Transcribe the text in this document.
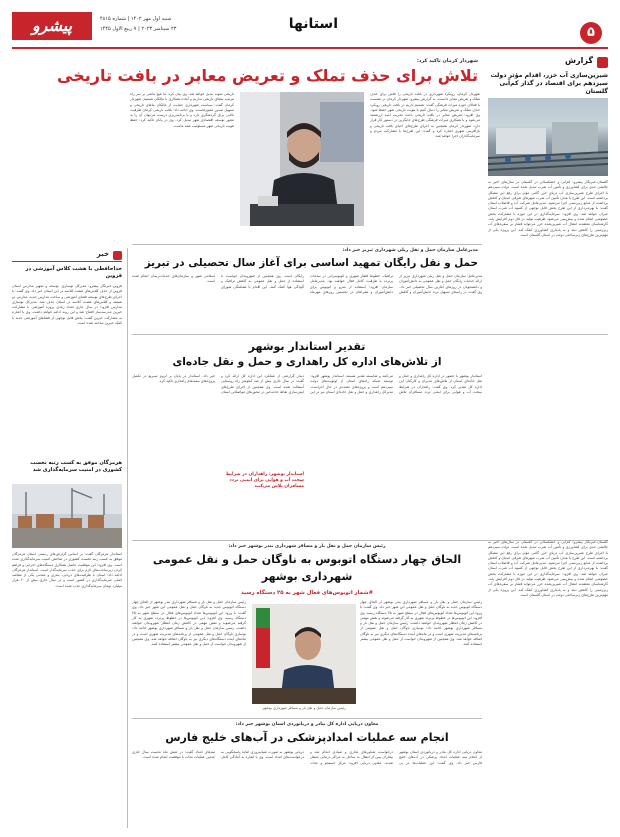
۵
استانها
پیشرو	شنبه اول مهر ۱۴۰۲ | شماره ۴۸۱۵
۲۳ سپتامبر ۲۰۲۳ | ۷ ربیع الاول ۱۴۴۵
گزارش
شیرین‌سازی آب خزر، اقدام مؤثر دولت سیزدهم برای اقتصاد در گذار کم‌آبی گلستان
گلستان-خبرنگار پیشرو: کم‌آبی و خشکسالی در گلستان در سال‌های اخیر به چالشی جدی برای کشاورزی و تأمین آب شرب تبدیل شده است. دولت سیزدهم با اجرای طرح شیرین‌سازی آب دریای خزر گامی مؤثر برای رفع این مشکل برداشته است. این طرح با هدف تأمین آب شرب شهرهای شرقی استان و کاهش برداشت از منابع زیرزمینی اجرا می‌شود. مدیرعامل شرکت آب و فاضلاب استان گفت: با بهره‌برداری از این طرح بخش قابل توجهی از کمبود آب شرب استان جبران خواهد شد. وی افزود: سرمایه‌گذاری در این حوزه با مشارکت بخش خصوصی انجام شده و پیش‌بینی می‌شود ظرفیت تولید در فاز دوم افزایش یابد. کارشناسان معتقدند انتقال آب شیرین‌شده خزر می‌تواند فشار بر سفره‌های آب زیرزمینی را کاهش دهد و به پایداری کشاورزی کمک کند. این پروژه یکی از مهم‌ترین طرح‌های زیرساختی دولت در استان گلستان است.
شهردار کرمان تاکید کرد:
تلاش برای حذف تملک و تعریض معابر در بافت تاریخی
شهردار کرمان، رویکرد شهرداری در بافت تاریخی را تلاش برای حذف تملک و تعریض معابر دانست. به گزارش پیشرو، شهردار کرمان در نشست با فعالان حوزه میراث فرهنگی گفت: تصمیم داریم در بافت تاریخی رویکرد حذف تملک و تعریض معابر را دنبال کنیم تا هویت تاریخی شهر حفظ شود. وی افزود: تعریض معابر در بافت تاریخی باعث تخریب ابنیه ارزشمند می‌شود و با همکاری میراث فرهنگی طرح‌های جایگزین در دستور کار قرار دارد. شهردار کرمان همچنین به اجرای طرح‌های احیای بافت تاریخی و بازآفرینی شهری اشاره کرد و گفت: این طرح‌ها با مشارکت مردم و سرمایه‌گذاران اجرا خواهد شد.
تاریخی نمونه تبدیل خواهد شد. وی بیان کرد: ما هیچ مانعی بر سر راه مرمت بناهای تاریخی نداریم و آماده همکاری با مالکان هستیم. شهردار کرمان گفت: سیاست شهرداری حمایت از مالکان بناهای تاریخی و تسهیل صدور مجوزهاست. وی ادامه داد: بافت تاریخی کرمان ظرفیت بالایی برای گردشگری دارد و با برنامه‌ریزی درست می‌توان آن را به محور توسعه اقتصادی شهر تبدیل کرد. وی در پایان تاکید کرد: حفظ هویت تاریخی شهر مسئولیت همه ماست.
خبر
خداحافظی با هشت کلاس آموزشی در قزوین
قزوین-خبرنگار پیشرو: مدیرکل نوسازی، توسعه و تجهیز مدارس استان قزوین از حذف کلاس‌های هشت کلاسه در این استان خبر داد. وی گفت: با اجرای طرح‌های توسعه فضای آموزشی و ساخت مدارس جدید، مدارس دو شیفته و کلاس‌های هشت کلاسه در استان حذف شد. مدیرکل نوسازی مدارس افزود: در سال جاری تعداد زیادی پروژه آموزشی با مشارکت خیرین مدرسه‌ساز افتتاح شد و این روند ادامه خواهد داشت. وی با اشاره به مشارکت خیرین گفت: بخش قابل توجهی از فضاهای آموزشی جدید با کمک خیرین ساخته شده است.
هرمزگان موفق به کسب رتبه نخست کشوری در امنیت سرمایه‌گذاری شد
استاندار هرمزگان گفت: بر اساس گزارش‌های رسمی استان هرمزگان موفق به کسب رتبه نخست کشوری در شاخص امنیت سرمایه‌گذاری شده است. وی افزود: این موفقیت حاصل همکاری دستگاه‌های اجرایی و فراهم کردن زیرساخت‌های لازم برای جذب سرمایه‌گذار است. استاندار هرمزگان ادامه داد: استان با ظرفیت‌های دریایی، بندری و معدنی یکی از مقاصد اصلی سرمایه‌گذاری در کشور است و در سال جاری بیش از ۶۰ هزار میلیارد تومان سرمایه‌گذاری جذب شده است.
مدیرعامل سازمان حمل و نقل ریلی شهرداری تبریز خبر داد:
حمل و نقل رایگان تمهید اساسی برای آغاز سال تحصیلی در تبریز
مدیرعامل سازمان حمل و نقل ریلی شهرداری تبریز از ارائه خدمات رایگان حمل و نقل عمومی به دانش‌آموزان و دانشجویان در روزهای آغازین سال تحصیلی خبر داد. وی گفت: در راستای تسهیل تردد دانش‌آموزان و کاهش ترافیک، خطوط قطار شهری و اتوبوسرانی در ساعات پرتردد با ظرفیت کامل فعال خواهند بود. مدیرعامل سازمان افزود: استفاده از مترو و اتوبوس برای دانش‌آموزان و همراهان در نخستین روزهای مهرماه رایگان است. وی همچنین از شهروندان خواست با استفاده از حمل و نقل عمومی به کاهش ترافیک و آلودگی هوا کمک کنند. این اقدام با هماهنگی شورای اسلامی شهر و سازمان‌های خدمات‌رسان انجام شده است.
تقدیر استاندار بوشهر
از تلاش‌های اداره کل راهداری و حمل و نقل جاده‌ای
استاندار بوشهر با حضور در اداره کل راهداری و حمل و نقل جاده‌ای استان از تلاش‌های مدیران و کارکنان این اداره کل تقدیر کرد. وی گفت: راهداران در شرایط سخت آب و هوایی برای ایمنی تردد مسافران تلاش می‌کنند و شایسته تقدیر هستند. استاندار بوشهر افزود: توسعه شبکه راه‌های استان از اولویت‌های دولت سیزدهم است و پروژه‌های متعددی در حال اجراست. مدیرکل راهداری و حمل و نقل جاده‌ای استان نیز در این دیدار گزارشی از عملکرد این اداره کل ارائه کرد و گفت: در سال جاری بیش از صد کیلومتر راه روستایی آسفالت شده است. وی همچنین از اجرای طرح‌های ایمن‌سازی نقاط حادثه‌خیز در محورهای مواصلاتی استان خبر داد. استاندار در پایان بر لزوم تسریع در تکمیل پروژه‌های نیمه‌تمام راهداری تاکید کرد.
استاندار بوشهر: راهداران در شرایط سخت آب و هوایی برای ایمنی تردد مسافران تلاش می‌کنند
رئیس سازمان حمل و نقل بار و مسافر شهرداری بندر بوشهر خبر داد:
الحاق چهار دستگاه اتوبوس به ناوگان حمل و نقل عمومی
شهرداری بوشهر
#شمار اتوبوس‌های فعال شهر به ۲۵ دستگاه رسید
رئیس سازمان حمل و نقل بار و مسافر شهرداری بندر بوشهر از الحاق چهار دستگاه اتوبوس جدید به ناوگان حمل و نقل عمومی این شهر خبر داد. وی گفت: با ورود این اتوبوس‌ها تعداد اتوبوس‌های فعال در سطح شهر به ۲۵ دستگاه رسید. وی افزود: این اتوبوس‌ها در خطوط پرتردد شهری به کار گرفته می‌شوند و نقش مهمی در کاهش زمان انتظار شهروندان خواهند داشت. رئیس سازمان حمل و نقل بار و مسافر شهرداری بوشهر ادامه داد: نوسازی ناوگان حمل و نقل عمومی از برنامه‌های مدیریت شهری است و در ماه‌های آینده دستگاه‌های دیگری نیز به ناوگان اضافه خواهد شد. وی همچنین از شهروندان خواست از حمل و نقل عمومی بیشتر استفاده کنند.
رئیس سازمان حمل و نقل بار و مسافر شهرداری بوشهر
رئیس سازمان حمل و نقل بار و مسافر شهرداری بندر بوشهر از الحاق چهار دستگاه اتوبوس جدید به ناوگان حمل و نقل عمومی این شهر خبر داد. وی گفت: با ورود این اتوبوس‌ها تعداد اتوبوس‌های فعال در سطح شهر به ۲۵ دستگاه رسید. وی افزود: این اتوبوس‌ها در خطوط پرتردد شهری به کار گرفته می‌شوند و نقش مهمی در کاهش زمان انتظار شهروندان خواهند داشت. رئیس سازمان حمل و نقل بار و مسافر شهرداری بوشهر ادامه داد: نوسازی ناوگان حمل و نقل عمومی از برنامه‌های مدیریت شهری است و در ماه‌های آینده دستگاه‌های دیگری نیز به ناوگان اضافه خواهد شد. وی همچنین از شهروندان خواست از حمل و نقل عمومی بیشتر استفاده کنند.
معاون دریایی اداره کل بنادر و دریانوردی استان بوشهر خبر داد:
انجام سه عملیات امدادپزشکی در آب‌های خلیج فارس
معاون دریایی اداره کل بنادر و دریانوردی استان بوشهر از انجام سه عملیات امداد پزشکی در آب‌های خلیج فارس خبر داد. وی گفت: این عملیات‌ها در پی درخواست شناورهای تجاری و صیادی انجام شد و بیماران پس از انتقال به ساحل به مراکز درمانی منتقل شدند. معاون دریایی افزود: مرکز جستجو و نجات دریایی بوشهر به صورت شبانه‌روزی آماده پاسخگویی به درخواست‌های امداد است. وی با اشاره به آمادگی کامل تیم‌های امداد گفت: در شش ماه نخست سال جاری چندین عملیات نجات با موفقیت انجام شده است.
گلستان-خبرنگار پیشرو: کم‌آبی و خشکسالی در گلستان در سال‌های اخیر به چالشی جدی برای کشاورزی و تأمین آب شرب تبدیل شده است. دولت سیزدهم با اجرای طرح شیرین‌سازی آب دریای خزر گامی مؤثر برای رفع این مشکل برداشته است. این طرح با هدف تأمین آب شرب شهرهای شرقی استان و کاهش برداشت از منابع زیرزمینی اجرا می‌شود. مدیرعامل شرکت آب و فاضلاب استان گفت: با بهره‌برداری از این طرح بخش قابل توجهی از کمبود آب شرب استان جبران خواهد شد. وی افزود: سرمایه‌گذاری در این حوزه با مشارکت بخش خصوصی انجام شده و پیش‌بینی می‌شود ظرفیت تولید در فاز دوم افزایش یابد. کارشناسان معتقدند انتقال آب شیرین‌شده خزر می‌تواند فشار بر سفره‌های آب زیرزمینی را کاهش دهد و به پایداری کشاورزی کمک کند. این پروژه یکی از مهم‌ترین طرح‌های زیرساختی دولت در استان گلستان است.
